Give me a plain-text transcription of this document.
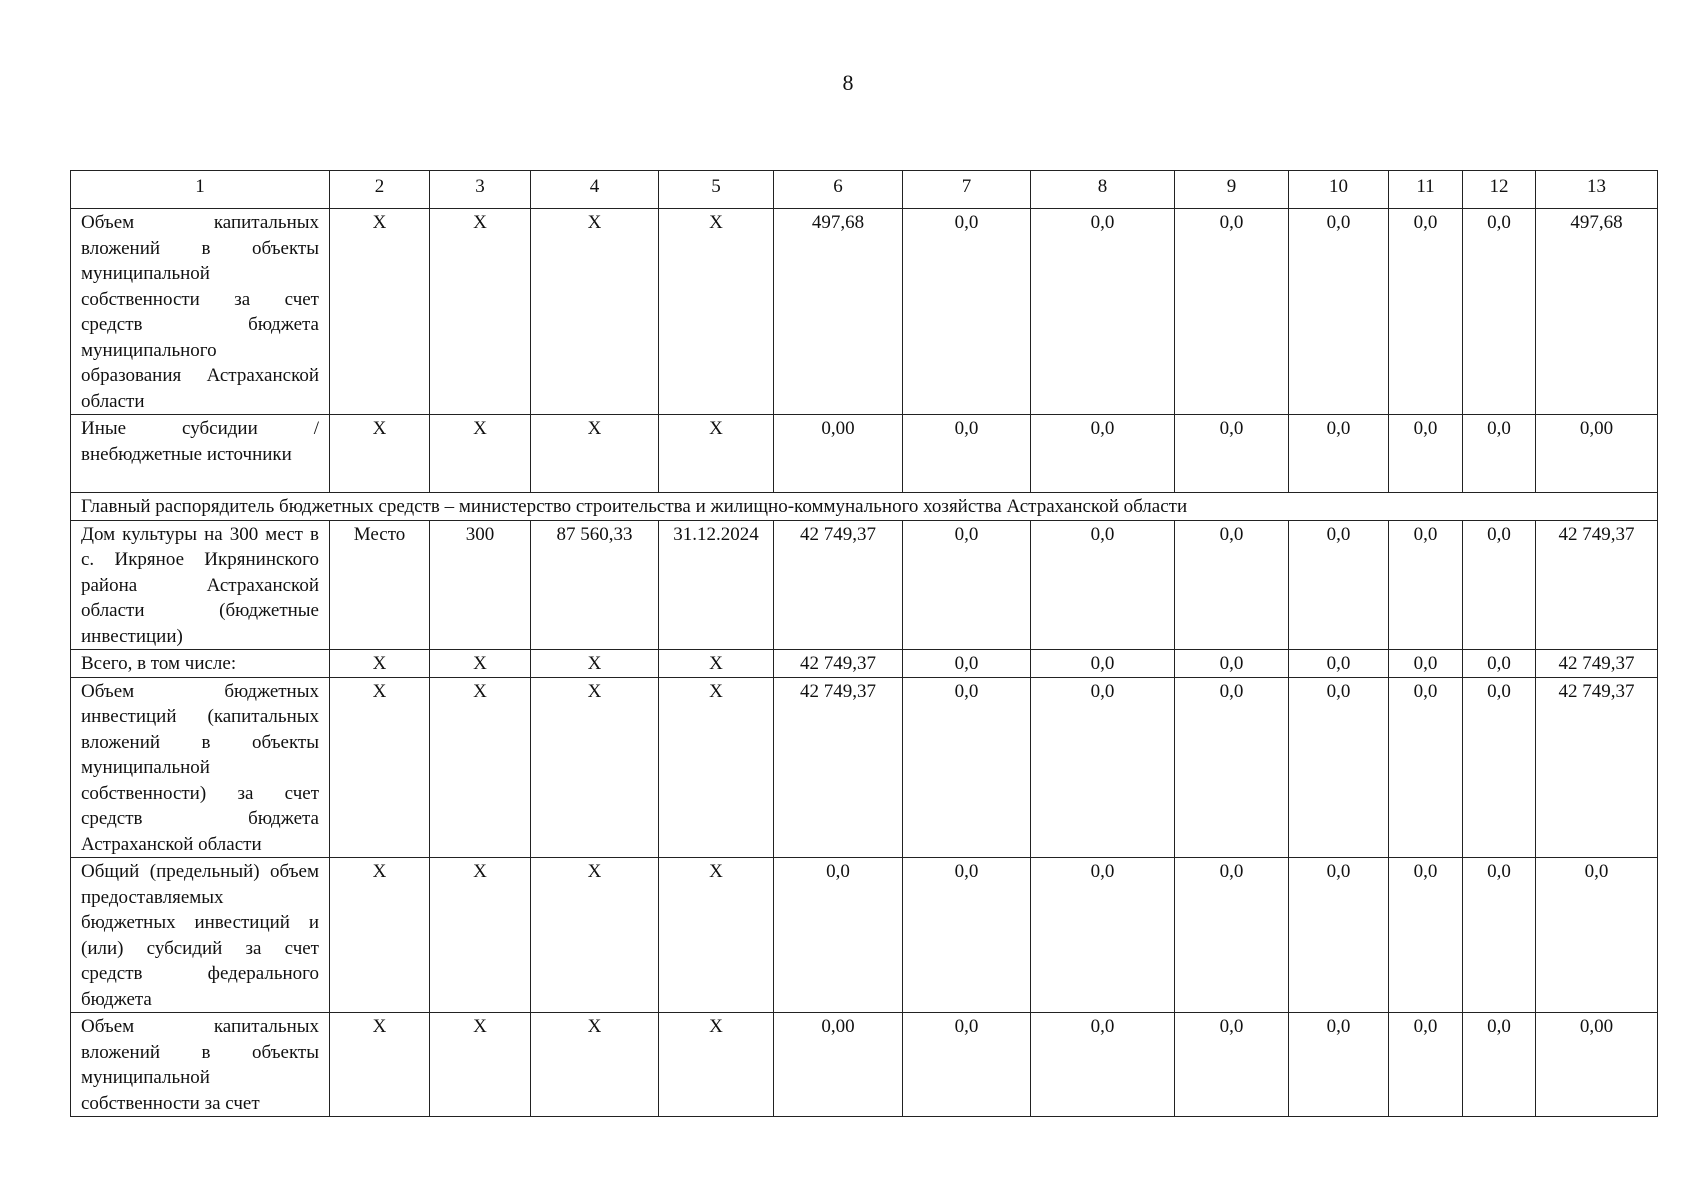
8
1	2	3	4	5	6	7	8	9	10	11	12	13
Объем капитальных вложений в объекты муниципальной собственности за счет средств бюджета муниципального образования Астраханской области	X	X	X	X	497,68	0,0	0,0	0,0	0,0	0,0	0,0	497,68
Иные субсидии / внебюджетные источники	X	X	X	X	0,00	0,0	0,0	0,0	0,0	0,0	0,0	0,00
Главный распорядитель бюджетных средств – министерство строительства и жилищно-коммунального хозяйства Астраханской области												
Дом культуры на 300 мест в с. Икряное Икрянинского района Астраханской области (бюджетные инвестиции)	Место	300	87 560,33	31.12.2024	42 749,37	0,0	0,0	0,0	0,0	0,0	0,0	42 749,37
Всего, в том числе:	X	X	X	X	42 749,37	0,0	0,0	0,0	0,0	0,0	0,0	42 749,37
Объем бюджетных инвестиций (капитальных вложений в объекты муниципальной собственности) за счет средств бюджета Астраханской области	X	X	X	X	42 749,37	0,0	0,0	0,0	0,0	0,0	0,0	42 749,37
Общий (предельный) объем предоставляемых бюджетных инвестиций и (или) субсидий за счет средств федерального бюджета	X	X	X	X	0,0	0,0	0,0	0,0	0,0	0,0	0,0	0,0
Объем капитальных вложений в объекты муниципальной собственности за счет	X	X	X	X	0,00	0,0	0,0	0,0	0,0	0,0	0,0	0,00
